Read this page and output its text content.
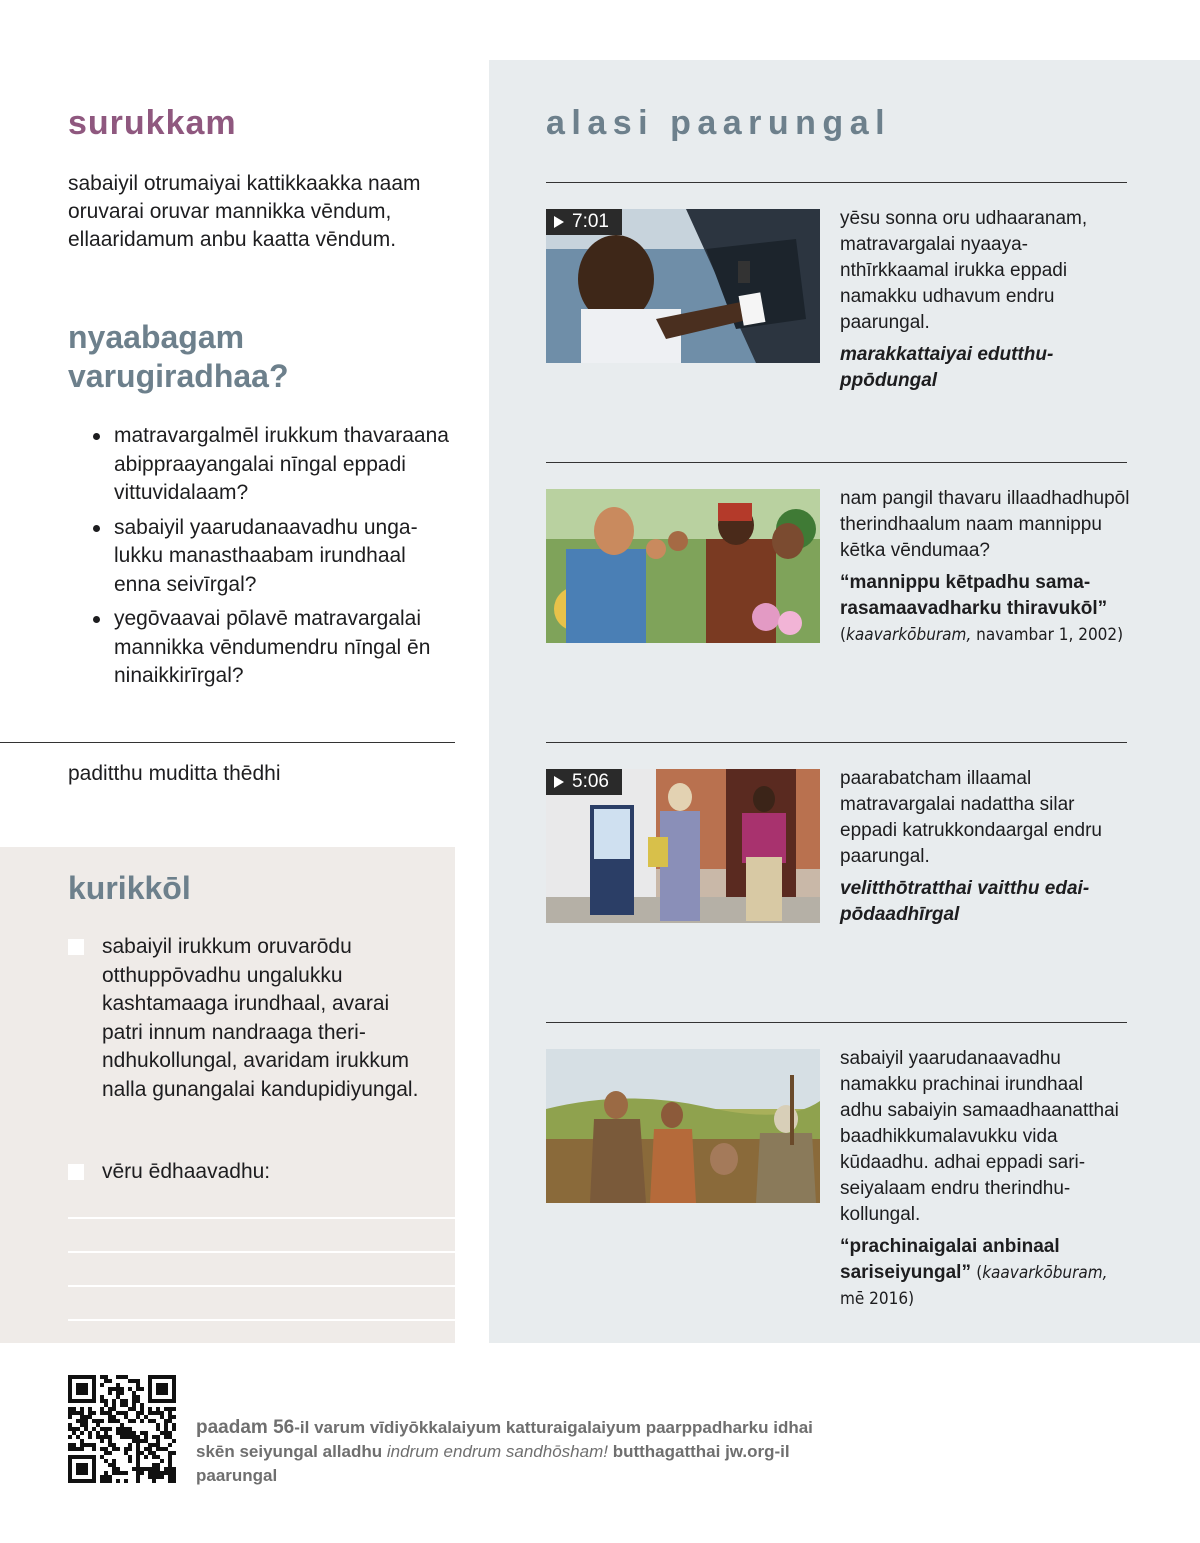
surukkam

sabaiyil otrumaiyai kattikkaakka naam oruvarai oruvar mannikka vēndum, ellaaridamum anbu kaatta vēndum.

nyaabagam varugiradhaa?
matravargalmēl irukkum thavaraana abippraayangalai nīngal eppadi vittuvidalaam?
sabaiyil yaarudanaavadhu ungalukku manasthaabam irundhaal enna seivīrgal?
yegōvaavai pōlavē matravargalai mannikka vēndumendru nīngal ēn ninaikkirīrgal?

paditthu muditta thēdhi

kurikkōl
sabaiyil irukkum oruvarōdu otthuppōvadhu ungalukku kashtamaaga irundhaal, avarai patri innum nandraaga therindhukollungal, avaridam irukkum nalla gunangalai kandupidiyungal.
vēru ēdhaavadhu:
alasi paarungal
7:01	yēsu sonna oru udhaaranam, matravargalai nyaayanthīrkkaamal irukka eppadi namakku udhavum endru paarungal.

marakkattaiyai edutthuppōdungal

nam pangil thavaru illaadhadhupōl therindhaalum naam mannippu kētka vēndumaa?

“mannippu kētpadhu samarasamaavadharku thiravukōl” (kaavarkōburam, navambar 1, 2002)

5:06	paarabatcham illaamal matravargalai nadattha silar eppadi katrukkondaargal endru paarungal.

velitthōtratthai vaitthu edaipōdaadhīrgal

sabaiyil yaarudanaavadhu namakku prachinai irundhaal adhu sabaiyin samaadhaanatthai baadhikkumalavukku vida kūdaadhu. adhai eppadi sariseiyalaam endru therindhukollungal.

“prachinaigalai anbinaal sariseiyungal” (kaavarkōburam, mē 2016)

paadam 56-il varum vīdiyōkkalaiyum katturaigalaiyum paarppadharku idhai skēn seiyungal alladhu indrum endrum sandhōsham! butthagatthai jw.org-il paarungal
